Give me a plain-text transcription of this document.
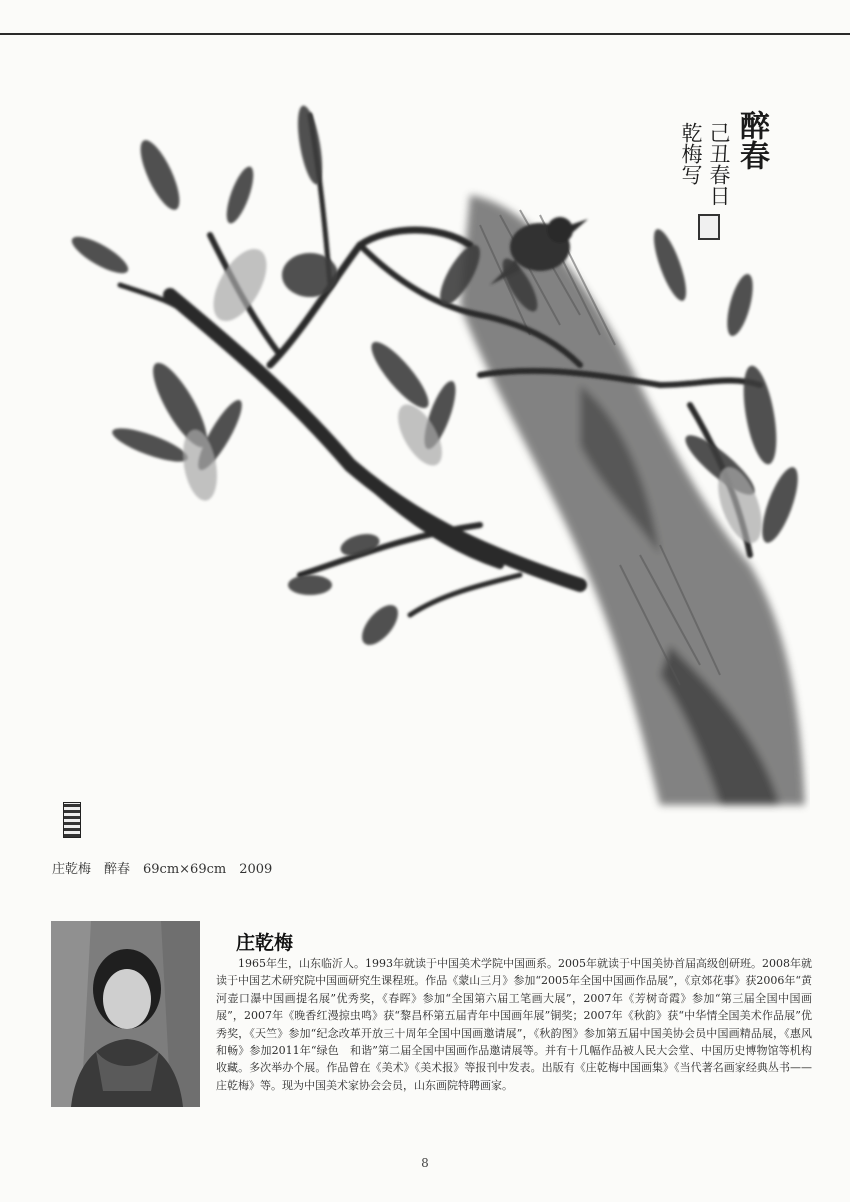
醉春
己丑春日
乾梅写
庄乾梅　醉春　69cm×69cm　2009
庄乾梅
1965年生，山东临沂人。1993年就读于中国美术学院中国画系。2005年就读于中国美协首届高级创研班。2008年就读于中国艺术研究院中国画研究生课程班。作品《蒙山三月》参加“2005年全国中国画作品展”，《京郊花事》获2006年“黄河壶口瀑中国画提名展”优秀奖，《春晖》参加“全国第六届工笔画大展”，2007年《芳树奇霞》参加“第三届全国中国画展”，2007年《晚香红漫掠虫鸣》获“黎昌杯第五届青年中国画年展”铜奖；2007年《秋韵》获“中华情全国美术作品展”优秀奖，《天竺》参加“纪念改革开放三十周年全国中国画邀请展”，《秋韵图》参加第五届中国美协会员中国画精品展，《惠风和畅》参加2011年“绿色　和谐”第二届全国中国画作品邀请展等。并有十几幅作品被人民大会堂、中国历史博物馆等机构收藏。多次举办个展。作品曾在《美术》《美术报》等报刊中发表。出版有《庄乾梅中国画集》《当代著名画家经典丛书——庄乾梅》等。现为中国美术家协会会员，山东画院特聘画家。
8
